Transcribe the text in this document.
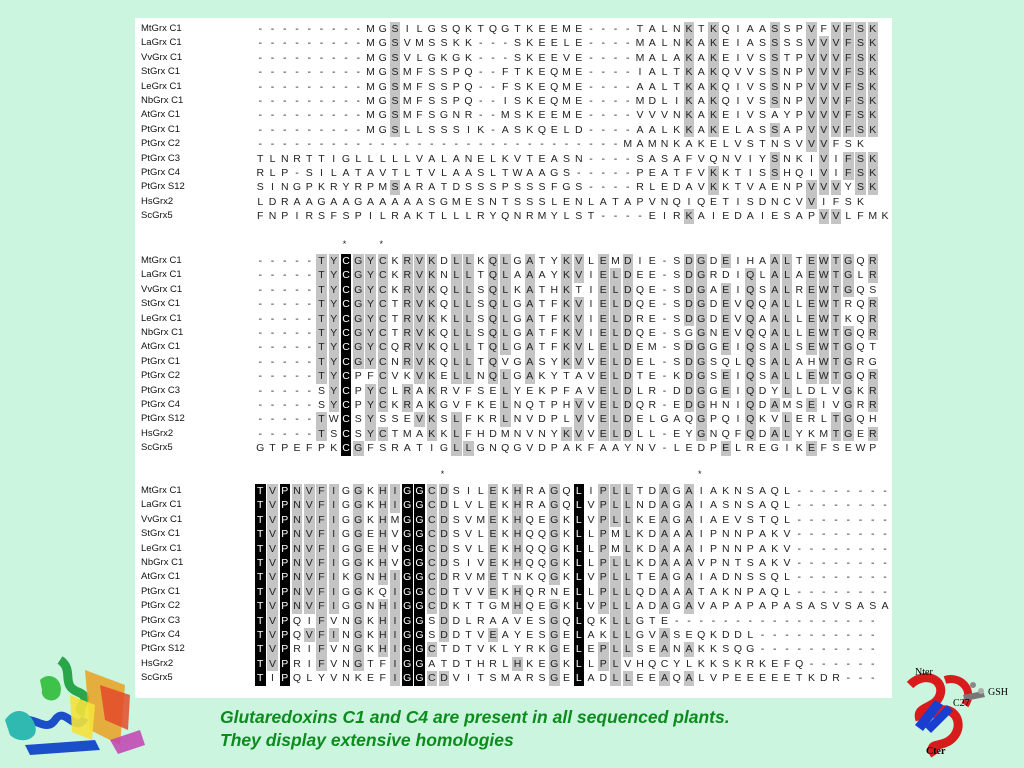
MtGrx C1	- - - - - - - - - M G S I L G S Q K T Q G T K E E M E - - - - T A L N K T K Q I A A S S P V F V F S K
LaGrx C1	- - - - - - - - - M G S V M S S K K - - - S K E E L E - - - - M A L N K A K E I A S S S S V V V F S K
VvGrx C1	- - - - - - - - - M G S V L G K G K - - - S K E E V E - - - - M A L A K A K E I V S S T P V V V F S K
StGrx C1	- - - - - - - - - M G S M F S S P Q - - F T K E Q M E - - - - I A L T K A K Q V V S S N P V V V F S K
LeGrx C1	- - - - - - - - - M G S M F S S P Q - - F S K E Q M E - - - - A A L T K A K Q I V S S N P V V V F S K
NbGrx C1	- - - - - - - - - M G S M F S S P Q - - I S K E Q M E - - - - M D L I K A K Q I V S S N P V V V F S K
AtGrx C1	- - - - - - - - - M G S M F S G N R - - M S K E E M E - - - - V V V N K A K E I V S A Y P V V V F S K
PtGrx C1	- - - - - - - - - M G S L L S S S I K - A S K Q E L D - - - - A A L K K A K E L A S S A P V V V F S K
PtGrx C2	- - - - - - - - - - - - - - - - - - - - - - - - - - - - - - M A M N K A K E L V S T N S V V V F S K
PtGrx C3	T L N R T T I G L L L L L V A L A N E L K V T E A S N - - - - S A S A F V Q N V I Y S N K I V I F S K
PtGrx C4	R L P - S I L A T A V T L T V L A A S L T W A A G S - - - - - P E A T F V K K T I S S H Q I V I F S K
PtGrx S12	S I N G P K R Y R P M S A R A T D S S S P S S S F G S - - - - R L E D A V K K T V A E N P V V V Y S K
HsGrx2	L D R A A G A A G A A A A A S G M E S N T S S S L E N L A T A P V N Q I Q E T I S D N C V V I F S K
ScGrx5	F N P I R S F S P I L R A K T L L L R Y Q N R M Y L S T - - - - E I R K A I E D A I E S A P V V L F M K
*	*
MtGrx C1	- - - - - T Y C G Y C K R V K D L L K Q L G A T Y K V L E M D I E - S D G D E I H A A L T E W T G Q R
LaGrx C1	- - - - - T Y C G Y C K R V K N L L T Q L A A A Y K V I E L D E E - S D G R D I Q L A L A E W T G L R
VvGrx C1	- - - - - T Y C G Y C K R V K Q L L S Q L K A T H K T I E L D Q E - S D G A E I Q S A L R E W T G Q S
StGrx C1	- - - - - T Y C G Y C T R V K Q L L S Q L G A T F K V I E L D Q E - S D G D E V Q Q A L L E W T R Q R
LeGrx C1	- - - - - T Y C G Y C T R V K K L L S Q L G A T F K V I E L D R E - S D G D E V Q A A L L E W T K Q R
NbGrx C1	- - - - - T Y C G Y C T R V K Q L L S Q L G A T F K V I E L D Q E - S G G N E V Q Q A L L E W T G Q R
AtGrx C1	- - - - - T Y C G Y C Q R V K Q L L T Q L G A T F K V L E L D E M - S D G G E I Q S A L S E W T G Q T
PtGrx C1	- - - - - T Y C G Y C N R V K Q L L T Q V G A S Y K V V E L D E L - S D G S Q L Q S A L A H W T G R G
PtGrx C2	- - - - - T Y C P F C V K V K E L L N Q L G A K Y T A V E L D T E - K D G S E I Q S A L L E W T G Q R
PtGrx C3	- - - - - S Y C P Y C L R A K R V F S E L Y E K P F A V E L D L R - D D G G E I Q D Y L L D L V G K R
PtGrx C4	- - - - - S Y C P Y C K R A K G V F K E L N Q T P H V V E L D Q R - E D G H N I Q D A M S E I V G R R
PtGrx S12	- - - - - T W C S Y S S E V K S L F K R L N V D P L V V E L D E L G A Q G P Q I Q K V L E R L T G Q H
HsGrx2	- - - - - T S C S Y C T M A K K L F H D M N V N Y K V V E L D L L - E Y G N Q F Q D A L Y K M T G E R
ScGrx5	G T P E F P K C G F S R A T I G L L G N Q G V D P A K F A A Y N V - L E D P E L R E G I K E F S E W P
*	*
MtGrx C1	T V P N V F I G G K H I G G C D S I L E K H R A G Q L I P L L T D A G A I A K N S A Q L - - - - - - - -
LaGrx C1	T V P N V F I G G K H I G G C D L V L E K H R A G Q L V P L L N D A G A I A S N S A Q L - - - - - - - -
VvGrx C1	T V P N V F I G G K H M G G C D S V M E K H Q E G K L V P L L K E A G A I A E V S T Q L - - - - - - - -
StGrx C1	T V P N V F I G G E H V G G C D S V L E K H Q Q G K L L P M L K D A A A I P N N P A K V - - - - - - - -
LeGrx C1	T V P N V F I G G E H V G G C D S V L E K H Q Q G K L L P M L K D A A A I P N N P A K V - - - - - - - -
NbGrx C1	T V P N V F I G G K H V G G C D S I V E K H Q Q G K L L P L L K D A A A V P N T S A K V - - - - - - - -
AtGrx C1	T V P N V F I K G N H I G G C D R V M E T N K Q G K L V P L L T E A G A I A D N S S Q L - - - - - - - -
PtGrx C1	T V P N V F I G G K Q I G G C D T V V E K H Q R N E L L P L L Q D A A A T A K N P A Q L - - - - - - - -
PtGrx C2	T V P N V F I G G N H I G G C D K T T G M H Q E G K L V P L L A D A G A V A P A P A P A S A S V S A S A
PtGrx C3	T V P Q I F V N G K H I G G S D D L R A A V E S G Q L Q K L L G T E - - - - - - - - - - - - - - - - -
PtGrx C4	T V P Q V F I N G K H I G G S D D T V E A Y E S G E L A K L L G V A S E Q K D D L - - - - - - - - - -
PtGrx S12	T V P R I F V N G K H I G G C T D T V K L Y R K G E L E P L L S E A N A K K S Q G - - - - - - - - - -
HsGrx2	T V P R I F V N G T F I G G A T D T H R L H K E G K L L P L V H Q C Y L K K S K R K E F Q - - - - - -
ScGrx5	T I P Q L Y V N K E F I G G C D V I T S M A R S G E L A D L L E E A Q A L V P E E E E E T K D R - - -	Nter
C27
GSH
Cter
Glutaredoxins C1 and C4 are present in all sequenced plants.
They display extensive homologies
